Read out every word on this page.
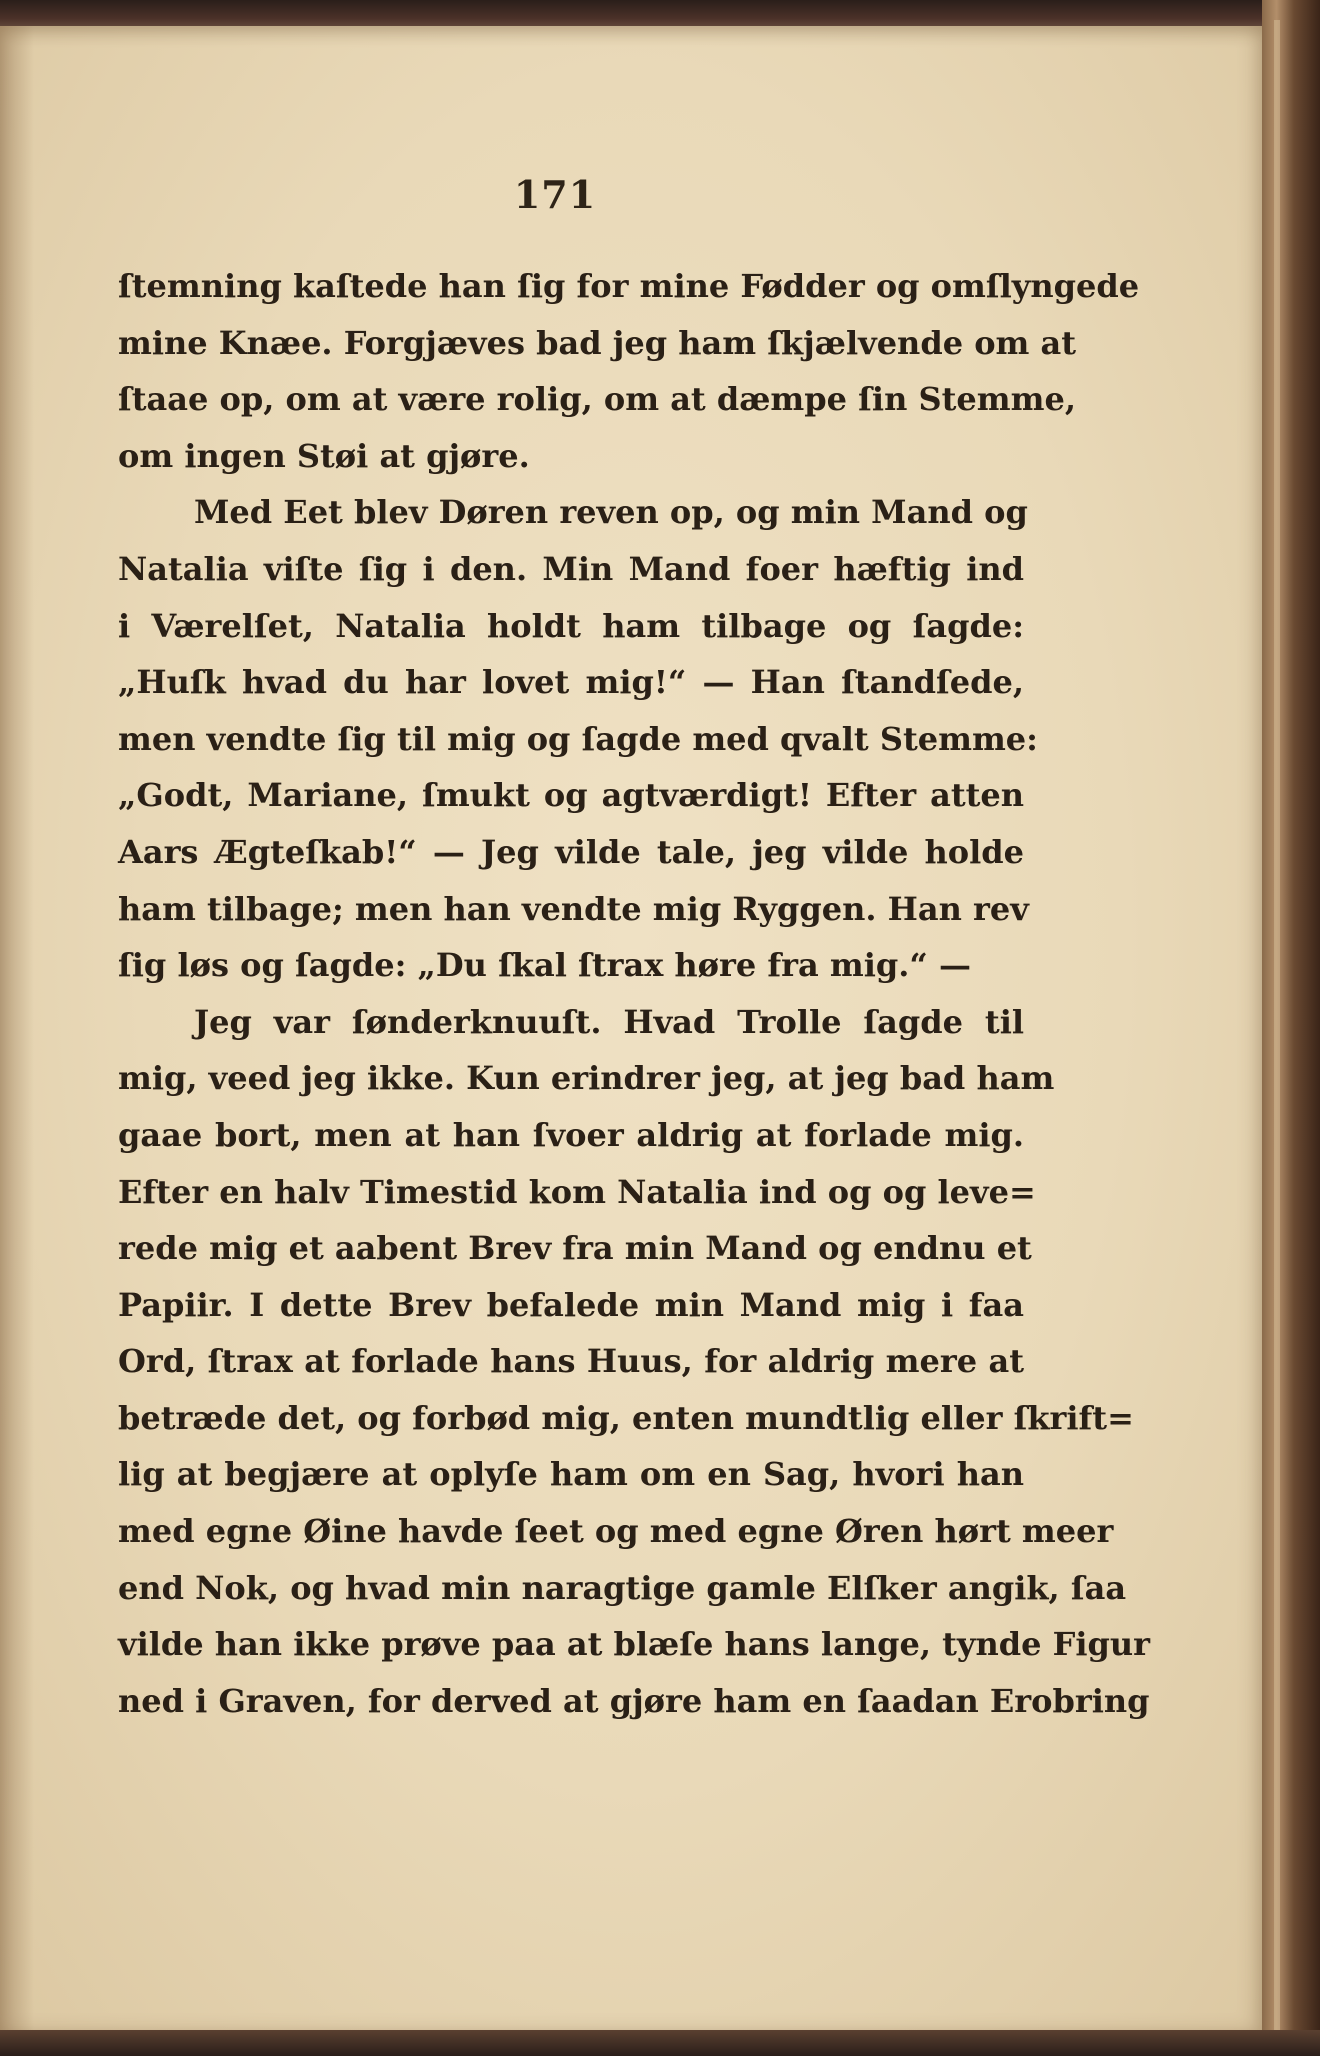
171
ſtemning kaſtede han ſig for mine Fødder og omſlyngede
mine Knæe. Forgjæves bad jeg ham ſkjælvende om at
ſtaae op, om at være rolig, om at dæmpe ſin Stemme,
om ingen Støi at gjøre.
Med Eet blev Døren reven op, og min Mand og
Natalia viſte ſig i den. Min Mand foer hæftig ind
i Værelſet, Natalia holdt ham tilbage og ſagde:
„Huſk hvad du har lovet mig!“ — Han ſtandſede,
men vendte ſig til mig og ſagde med qvalt Stemme:
„Godt, Mariane, ſmukt og agtværdigt! Efter atten
Aars Ægteſkab!“ — Jeg vilde tale, jeg vilde holde
ham tilbage; men han vendte mig Ryggen. Han rev
ſig løs og ſagde: „Du ſkal ſtrax høre fra mig.“ —
Jeg var ſønderknuuſt. Hvad Trolle ſagde til
mig, veed jeg ikke. Kun erindrer jeg, at jeg bad ham
gaae bort, men at han ſvoer aldrig at forlade mig.
Efter en halv Timestid kom Natalia ind og og leve=
rede mig et aabent Brev fra min Mand og endnu et
Papiir. I dette Brev befalede min Mand mig i faa
Ord, ſtrax at forlade hans Huus, for aldrig mere at
betræde det, og forbød mig, enten mundtlig eller ſkrift=
lig at begjære at oplyſe ham om en Sag, hvori han
med egne Øine havde ſeet og med egne Øren hørt meer
end Nok, og hvad min naragtige gamle Elſker angik, ſaa
vilde han ikke prøve paa at blæſe hans lange, tynde Figur
ned i Graven, for derved at gjøre ham en ſaadan Erobring
